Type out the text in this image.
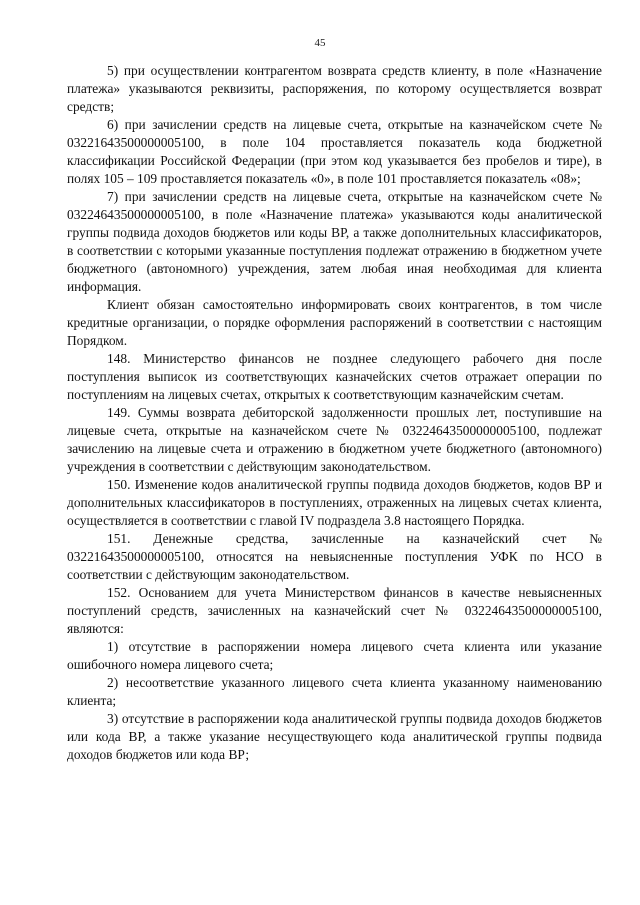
45

5) при осуществлении контрагентом возврата средств клиенту, в поле «Назначение платежа» указываются реквизиты, распоряжения, по которому осуществляется возврат средств;

6) при зачислении средств на лицевые счета, открытые на казначейском счете № 03221643500000005100, в поле 104 проставляется показатель кода бюджетной классификации Российской Федерации (при этом код указывается без пробелов и тире), в полях 105 – 109 проставляется показатель «0», в поле 101 проставляется показатель «08»;

7) при зачислении средств на лицевые счета, открытые на казначейском счете № 03224643500000005100, в поле «Назначение платежа» указываются коды аналитической группы подвида доходов бюджетов или коды ВР, а также дополнительных классификаторов, в соответствии с которыми указанные поступления подлежат отражению в бюджетном учете бюджетного (автономного) учреждения, затем любая иная необходимая для клиента информация.

Клиент обязан самостоятельно информировать своих контрагентов, в том числе кредитные организации, о порядке оформления распоряжений в соответствии с настоящим Порядком.

148. Министерство финансов не позднее следующего рабочего дня после поступления выписок из соответствующих казначейских счетов отражает операции по поступлениям на лицевых счетах, открытых к соответствующим казначейским счетам.

149. Суммы возврата дебиторской задолженности прошлых лет, поступившие на лицевые счета, открытые на казначейском счете № 03224643500000005100, подлежат зачислению на лицевые счета и отражению в бюджетном учете бюджетного (автономного) учреждения в соответствии с действующим законодательством.

150. Изменение кодов аналитической группы подвида доходов бюджетов, кодов ВР и дополнительных классификаторов в поступлениях, отраженных на лицевых счетах клиента, осуществляется в соответствии с главой IV подраздела 3.8 настоящего Порядка.

151. Денежные средства, зачисленные на казначейский счет № 03221643500000005100, относятся на невыясненные поступления УФК по НСО в соответствии с действующим законодательством.

152. Основанием для учета Министерством финансов в качестве невыясненных поступлений средств, зачисленных на казначейский счет № 03224643500000005100, являются:

1) отсутствие в распоряжении номера лицевого счета клиента или указание ошибочного номера лицевого счета;

2) несоответствие указанного лицевого счета клиента указанному наименованию клиента;

3) отсутствие в распоряжении кода аналитической группы подвида доходов бюджетов или кода ВР, а также указание несуществующего кода аналитической группы подвида доходов бюджетов или кода ВР;
